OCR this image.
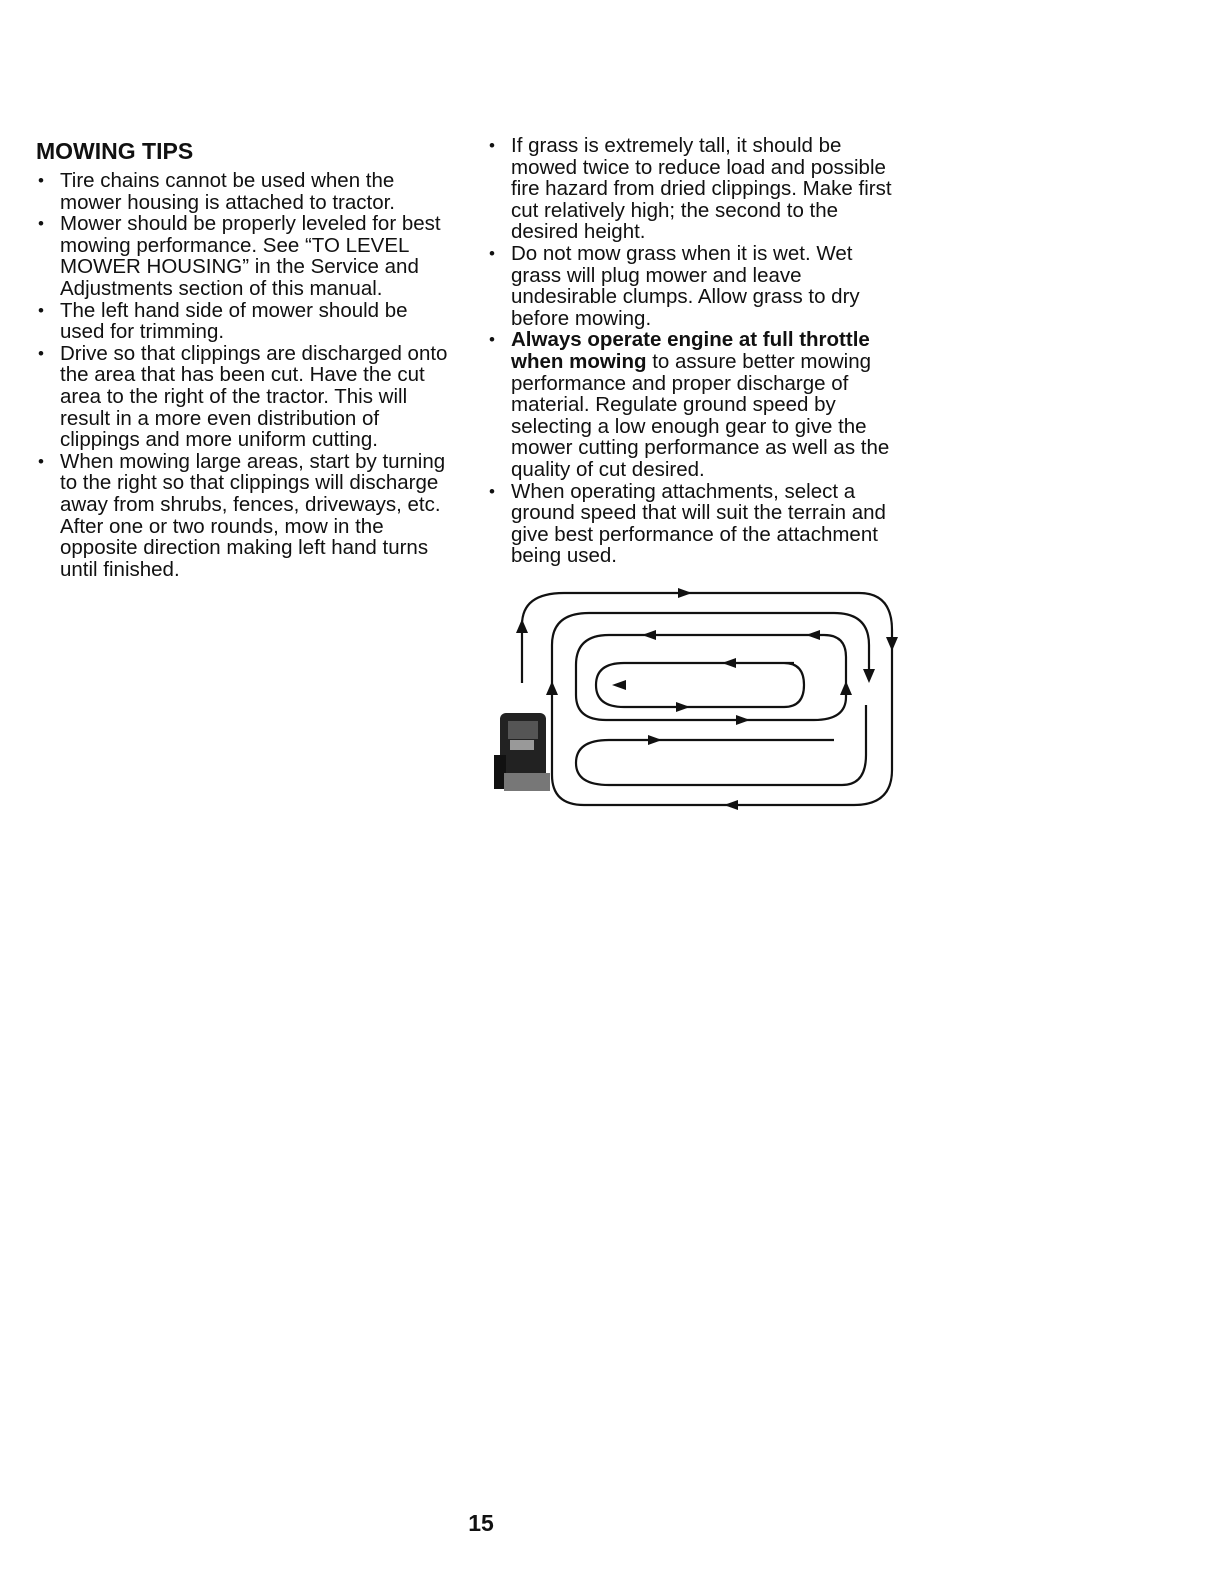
MOWING TIPS
• Tire chains cannot be used when the mower housing is attached to tractor.
• Mower should be properly leveled for best mowing performance. See “TO LEVEL MOWER HOUSING” in the Service and Adjustments section of this manual.
• The left hand side of mower should be used for trimming.
• Drive so that clippings are discharged onto the area that has been cut. Have the cut area to the right of the tractor. This will result in a more even distribution of clippings and more uniform cutting.
• When mowing large areas, start by turning to the right so that clippings will discharge away from shrubs, fences, driveways, etc. After one or two rounds, mow in the opposite direction making left hand turns until finished.
• If grass is extremely tall, it should be mowed twice to reduce load and possible fire hazard from dried clippings. Make first cut relatively high; the second to the desired height.
• Do not mow grass when it is wet. Wet grass will plug mower and leave undesirable clumps. Allow grass to dry before mowing.
• Always operate engine at full throttle when mowing to assure better mowing performance and proper discharge of material. Regulate ground speed by selecting a low enough gear to give the mower cutting performance as well as the quality of cut desired.
• When operating attachments, select a ground speed that will suit the terrain and give best performance of the attachment being used.
15
